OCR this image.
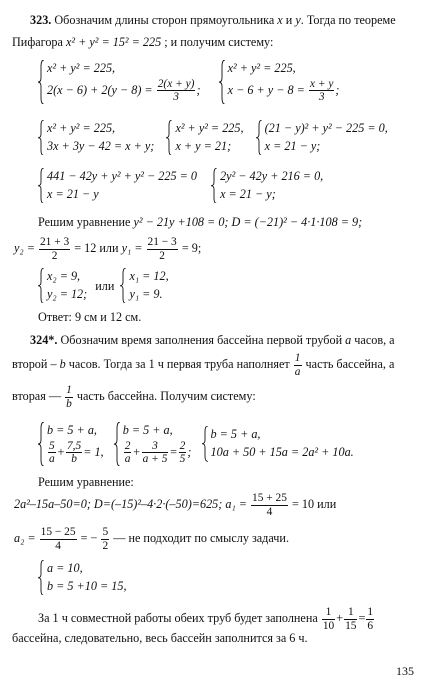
323. Обозначим длины сторон прямоугольника x и y. Тогда по теореме
Пифагора x² + y² = 15² = 225 ; и получим систему:
x² + y² = 225,
$2(x - 6) + 2(y - 8) = \frac{2(x + y)}{3}$ ;

x² + y² = 225,
$x - 6 + y - 8 = \frac{x + y}{3}$ ;
x² + y² = 225,
3x + 3y − 42 = x + y;

x² + y² = 225,
x + y = 21;

(21 − y)² + y² − 225 = 0,
x = 21 − y;
441 − 42y + y² + y² − 225 = 0
x = 21 − y

2y² − 42y + 216 = 0,
x = 21 − y;
Решим уравнение y² − 21y +108 = 0; D = (−21)² − 4·1·108 = 9;
$y_2 = \frac{21 + 3}{2} = 12$ или $y_1 = \frac{21 - 3}{2} = 9$;
x₂ = 9,
y₂ = 12;
или
x₁ = 12,
y₁ = 9.
Ответ: 9 см и 12 см.
324*. Обозначим время заполнения бассейна первой трубой a часов, а
второй – b часов. Тогда за 1 ч первая труба наполняет $\frac{1}{a}$ часть бассейна, а
вторая — $\frac{1}{b}$ часть бассейна. Получим систему:
b = 5 + a,
$\frac{5}{a} + \frac{7,5}{b} = 1$,

b = 5 + a,
$\frac{2}{a} + \frac{3}{a + 5} = \frac{2}{5}$ ;

b = 5 + a,
10a + 50 + 15a = 2a² + 10a.
Решим уравнение:
2a²–15a–50=0; D=(–15)²–4·2·(–50)=625; $a_1 = \frac{15 + 25}{4} = 10$ или
$a_2 = \frac{15 - 25}{4}$ = − $\frac{5}{2}$ — не подходит по смыслу задачи.
a = 10,
b = 5 +10 = 15,
За 1 ч совместной работы обеих труб будет заполнена $\frac{1}{10} + \frac{1}{15} = \frac{1}{6}$
бассейна, следовательно, весь бассейн заполнится за 6 ч.
135
